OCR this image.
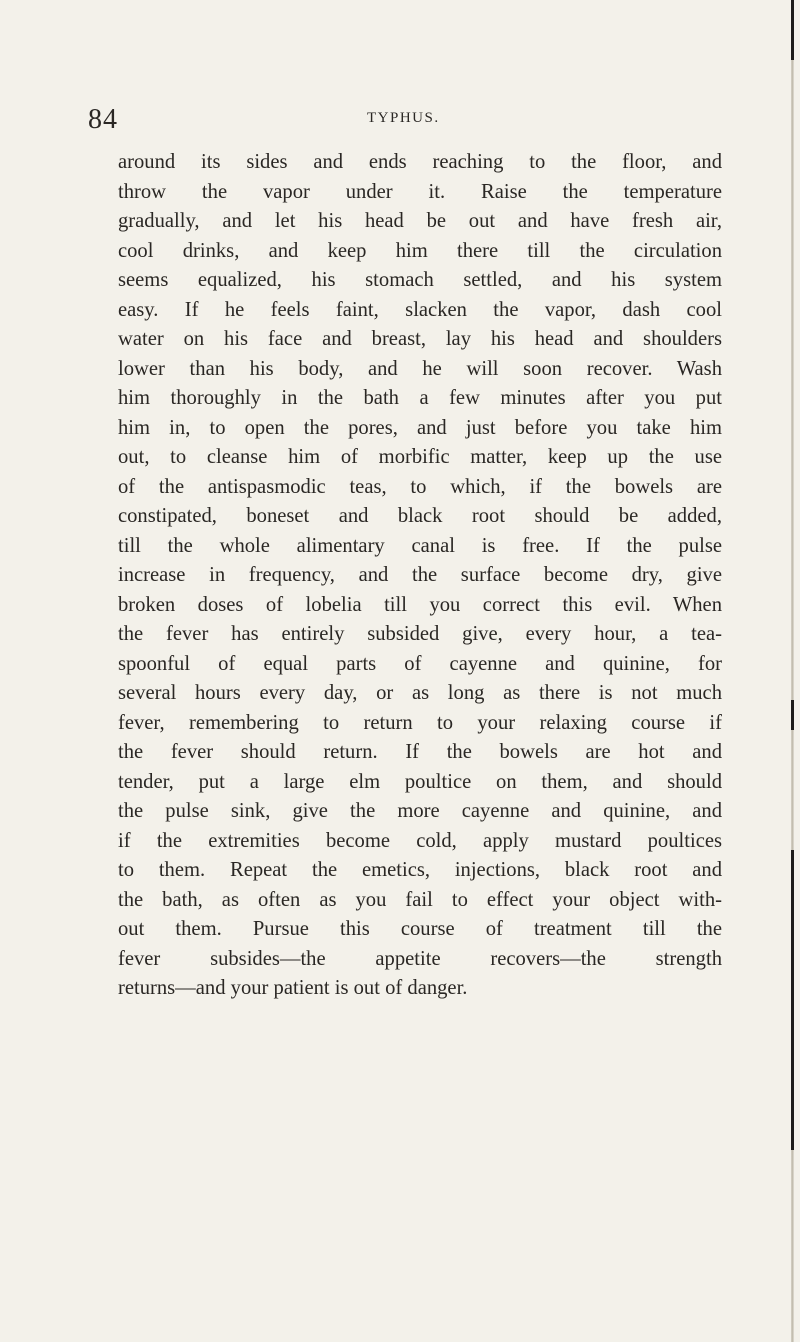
84	TYPHUS.
around its sides and ends reaching to the floor, and
throw the vapor under it. Raise the temperature
gradually, and let his head be out and have fresh air,
cool drinks, and keep him there till the circulation
seems equalized, his stomach settled, and his system
easy. If he feels faint, slacken the vapor, dash cool
water on his face and breast, lay his head and shoulders
lower than his body, and he will soon recover. Wash
him thoroughly in the bath a few minutes after you put
him in, to open the pores, and just before you take him
out, to cleanse him of morbific matter, keep up the use
of the antispasmodic teas, to which, if the bowels are
constipated, boneset and black root should be added,
till the whole alimentary canal is free. If the pulse
increase in frequency, and the surface become dry, give
broken doses of lobelia till you correct this evil. When
the fever has entirely subsided give, every hour, a tea-
spoonful of equal parts of cayenne and quinine, for
several hours every day, or as long as there is not much
fever, remembering to return to your relaxing course if
the fever should return. If the bowels are hot and
tender, put a large elm poultice on them, and should
the pulse sink, give the more cayenne and quinine, and
if the extremities become cold, apply mustard poultices
to them. Repeat the emetics, injections, black root and
the bath, as often as you fail to effect your object with-
out them. Pursue this course of treatment till the
fever subsides—the appetite recovers—the strength
returns—and your patient is out of danger.
